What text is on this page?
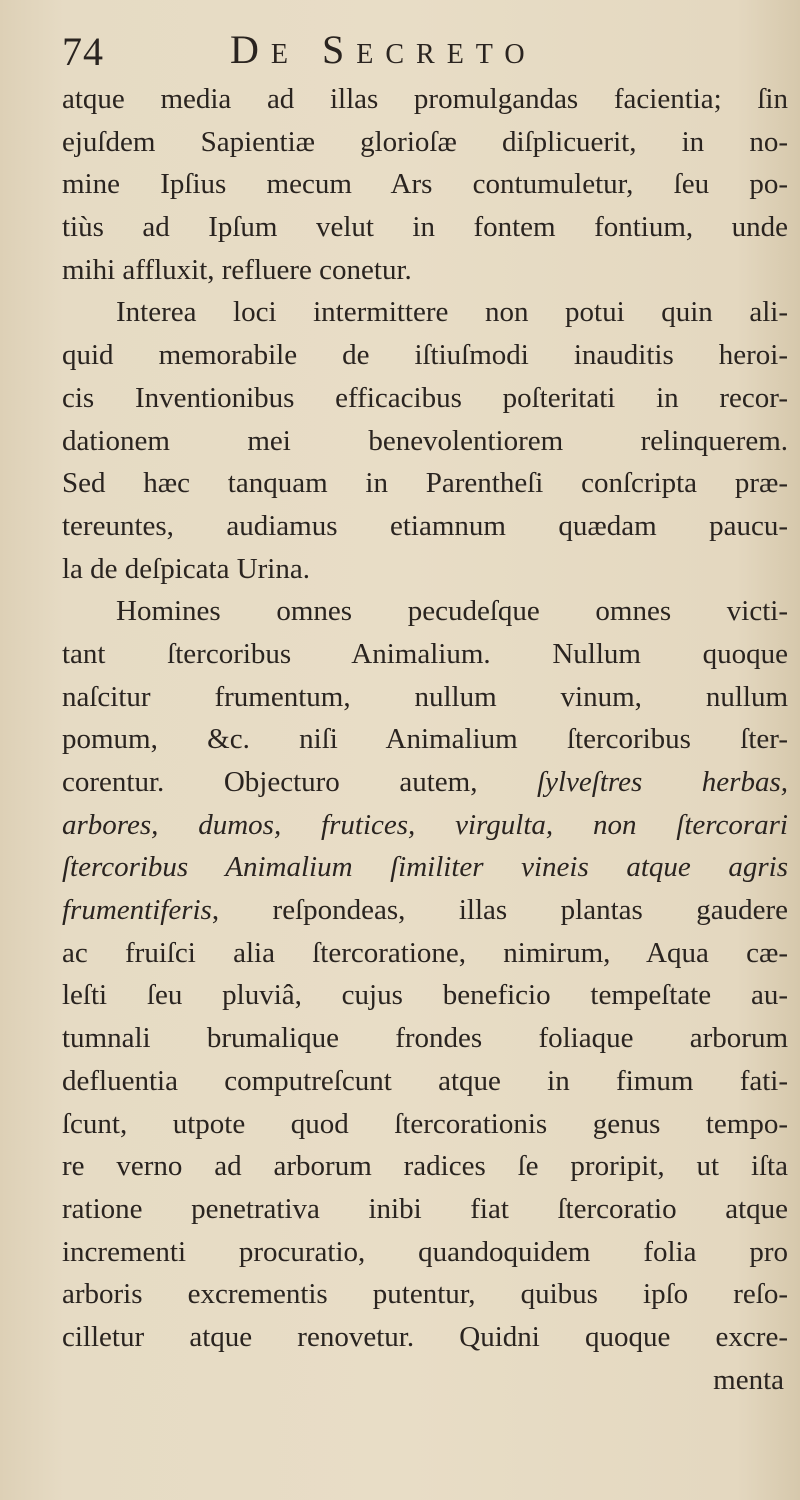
74	De Secreto
atque media ad illas promulgandas facientia; ſin
ejuſdem Sapientiæ glorioſæ diſplicuerit, in no-
mine Ipſius mecum Ars contumuletur, ſeu po-
tiùs ad Ipſum velut in fontem fontium, unde
mihi affluxit, refluere conetur.
Interea loci intermittere non potui quin ali-
quid memorabile de iſtiuſmodi inauditis heroi-
cis Inventionibus efficacibus poſteritati in recor-
dationem mei benevolentiorem relinquerem.
Sed hæc tanquam in Parentheſi conſcripta præ-
tereuntes, audiamus etiamnum quædam paucu-
la de deſpicata Urina.
Homines omnes pecudeſque omnes victi-
tant ſtercoribus Animalium. Nullum quoque
naſcitur frumentum, nullum vinum, nullum
pomum, &c. niſi Animalium ſtercoribus ſter-
corentur. Objecturo autem, ſylveſtres herbas,
arbores, dumos, frutices, virgulta, non ſtercorari
ſtercoribus Animalium ſimiliter vineis atque agris
frumentiferis, reſpondeas, illas plantas gaudere
ac fruiſci alia ſtercoratione, nimirum, Aqua cæ-
leſti ſeu pluviâ, cujus beneficio tempeſtate au-
tumnali brumalique frondes foliaque arborum
defluentia computreſcunt atque in fimum fati-
ſcunt, utpote quod ſtercorationis genus tempo-
re verno ad arborum radices ſe proripit, ut iſta
ratione penetrativa inibi fiat ſtercoratio atque
incrementi procuratio, quandoquidem folia pro
arboris excrementis putentur, quibus ipſo reſo-
cilletur atque renovetur. Quidni quoque excre-
menta
